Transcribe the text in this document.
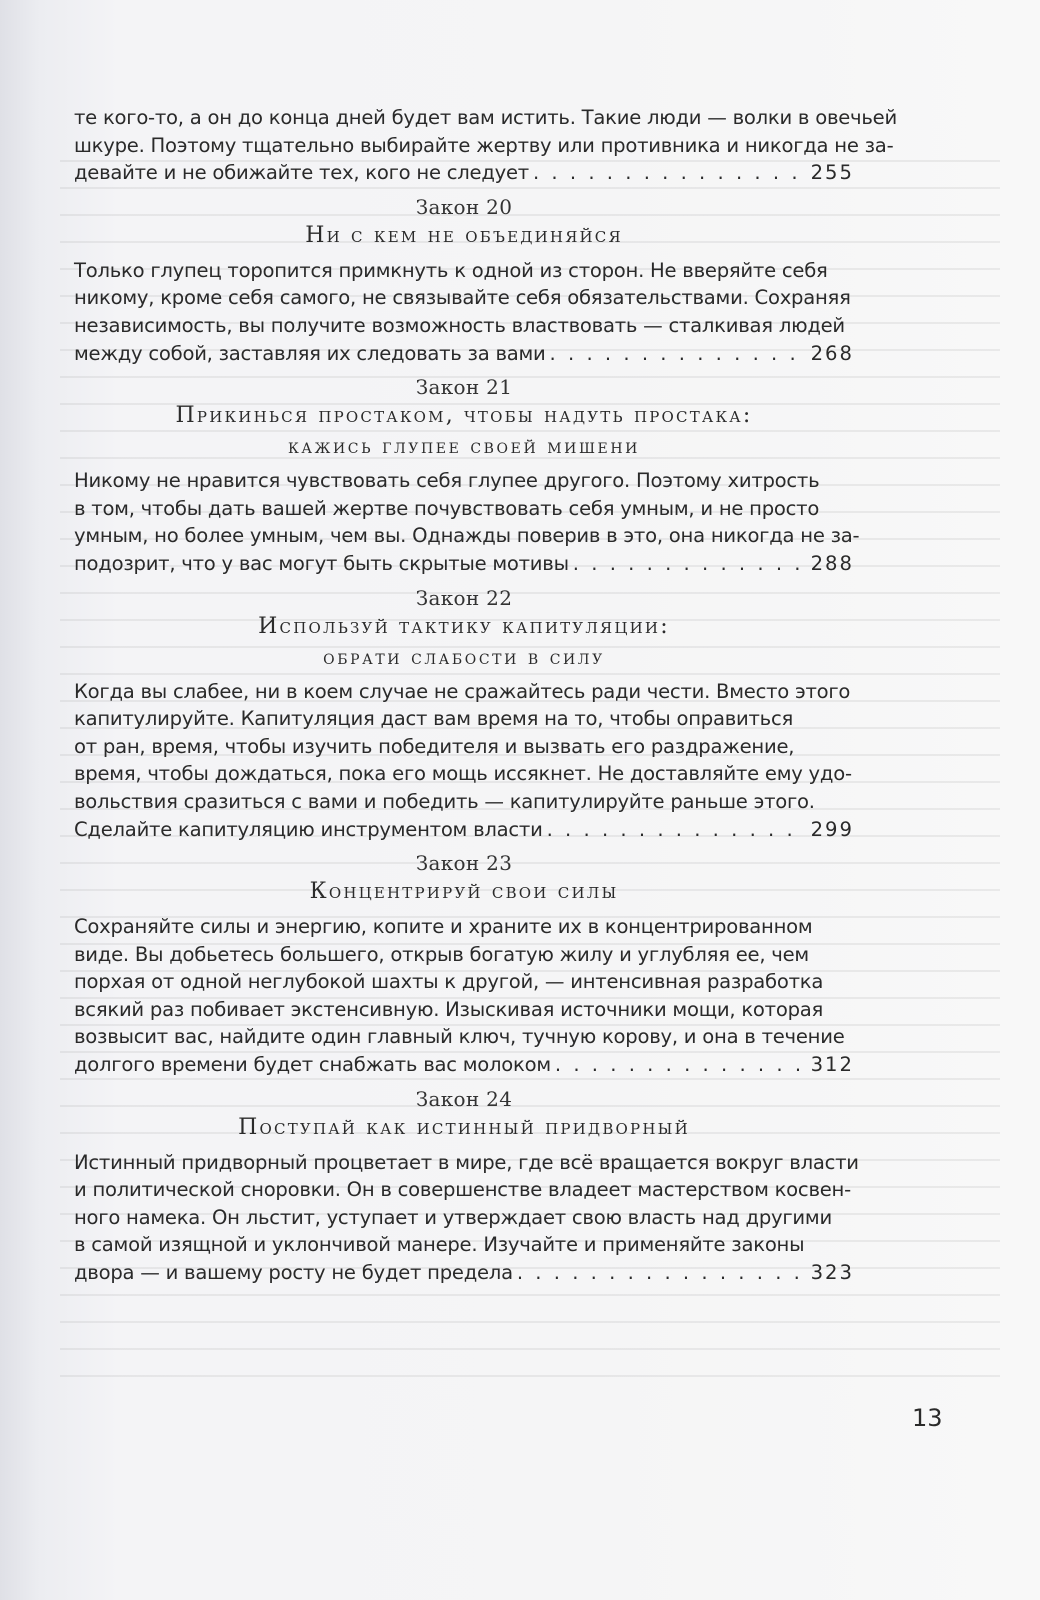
те кого-то, а он до конца дней будет вам истить. Такие люди — волки в овечьей
шкуре. Поэтому тщательно выбирайте жертву или противника и никогда не за-
девайте и не обижайте тех, кого не следует . . .	255

Закон 20
Ни с кем не объединяйся

Только глупец торопится примкнуть к одной из сторон. Не вверяйте себя
никому, кроме себя самого, не связывайте себя обязательствами. Сохраняя
независимость, вы получите возможность властвовать — сталкивая людей
между собой, заставляя их следовать за вами . . .	268

Закон 21
Прикинься простаком, чтобы надуть простака:
кажись глупее своей мишени

Никому не нравится чувствовать себя глупее другого. Поэтому хитрость
в том, чтобы дать вашей жертве почувствовать себя умным, и не просто
умным, но более умным, чем вы. Однажды поверив в это, она никогда не за-
подозрит, что у вас могут быть скрытые мотивы . . .	288

Закон 22
Используй тактику капитуляции:
обрати слабости в силу

Когда вы слабее, ни в коем случае не сражайтесь ради чести. Вместо этого
капитулируйте. Капитуляция даст вам время на то, чтобы оправиться
от ран, время, чтобы изучить победителя и вызвать его раздражение,
время, чтобы дождаться, пока его мощь иссякнет. Не доставляйте ему удо-
вольствия сразиться с вами и победить — капитулируйте раньше этого.
Сделайте капитуляцию инструментом власти . . .	299

Закон 23
Концентрируй свои силы

Сохраняйте силы и энергию, копите и храните их в концентрированном
виде. Вы добьетесь большего, открыв богатую жилу и углубляя ее, чем
порхая от одной неглубокой шахты к другой, — интенсивная разработка
всякий раз побивает экстенсивную. Изыскивая источники мощи, которая
возвысит вас, найдите один главный ключ, тучную корову, и она в течение
долгого времени будет снабжать вас молоком . . .	312

Закон 24
Поступай как истинный придворный

Истинный придворный процветает в мире, где всё вращается вокруг власти
и политической сноровки. Он в совершенстве владеет мастерством косвен-
ного намека. Он льстит, уступает и утверждает свою власть над другими
в самой изящной и уклончивой манере. Изучайте и применяйте законы
двора — и вашему росту не будет предела . . .	323

13
